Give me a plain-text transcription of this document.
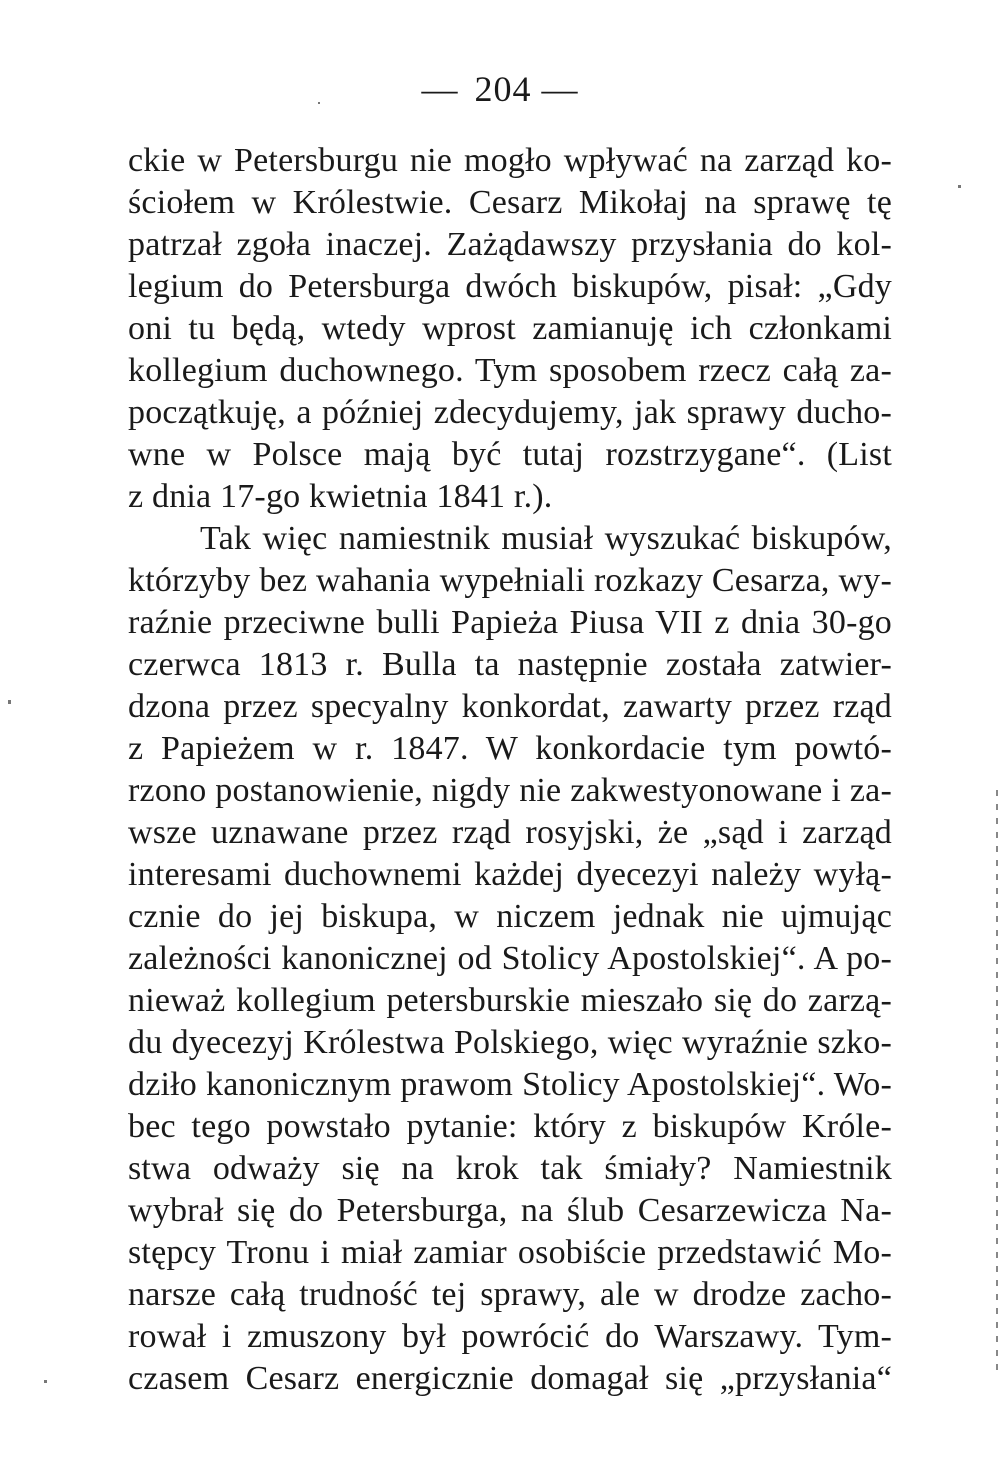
— 204 —
ckie w Petersburgu nie mogło wpływać na zarząd ko-
ściołem w Królestwie. Cesarz Mikołaj na sprawę tę
patrzał zgoła inaczej. Zażądawszy przysłania do kol-
legium do Petersburga dwóch biskupów, pisał: „Gdy
oni tu będą, wtedy wprost zamianuję ich członkami
kollegium duchownego. Tym sposobem rzecz całą za-
początkuję, a później zdecydujemy, jak sprawy ducho-
wne w Polsce mają być tutaj rozstrzygane“. (List
z dnia 17-go kwietnia 1841 r.).
Tak więc namiestnik musiał wyszukać biskupów,
którzyby bez wahania wypełniali rozkazy Cesarza, wy-
raźnie przeciwne bulli Papieża Piusa VII z dnia 30-go
czerwca 1813 r. Bulla ta następnie została zatwier-
dzona przez specyalny konkordat, zawarty przez rząd
z Papieżem w r. 1847. W konkordacie tym powtó-
rzono postanowienie, nigdy nie zakwestyonowane i za-
wsze uznawane przez rząd rosyjski, że „sąd i zarząd
interesami duchownemi każdej dyecezyi należy wyłą-
cznie do jej biskupa, w niczem jednak nie ujmując
zależności kanonicznej od Stolicy Apostolskiej“. A po-
nieważ kollegium petersburskie mieszało się do zarzą-
du dyecezyj Królestwa Polskiego, więc wyraźnie szko-
dziło kanonicznym prawom Stolicy Apostolskiej“. Wo-
bec tego powstało pytanie: który z biskupów Króle-
stwa odważy się na krok tak śmiały? Namiestnik
wybrał się do Petersburga, na ślub Cesarzewicza Na-
stępcy Tronu i miał zamiar osobiście przedstawić Mo-
narsze całą trudność tej sprawy, ale w drodze zacho-
rował i zmuszony był powrócić do Warszawy. Tym-
czasem Cesarz energicznie domagał się „przysłania“
